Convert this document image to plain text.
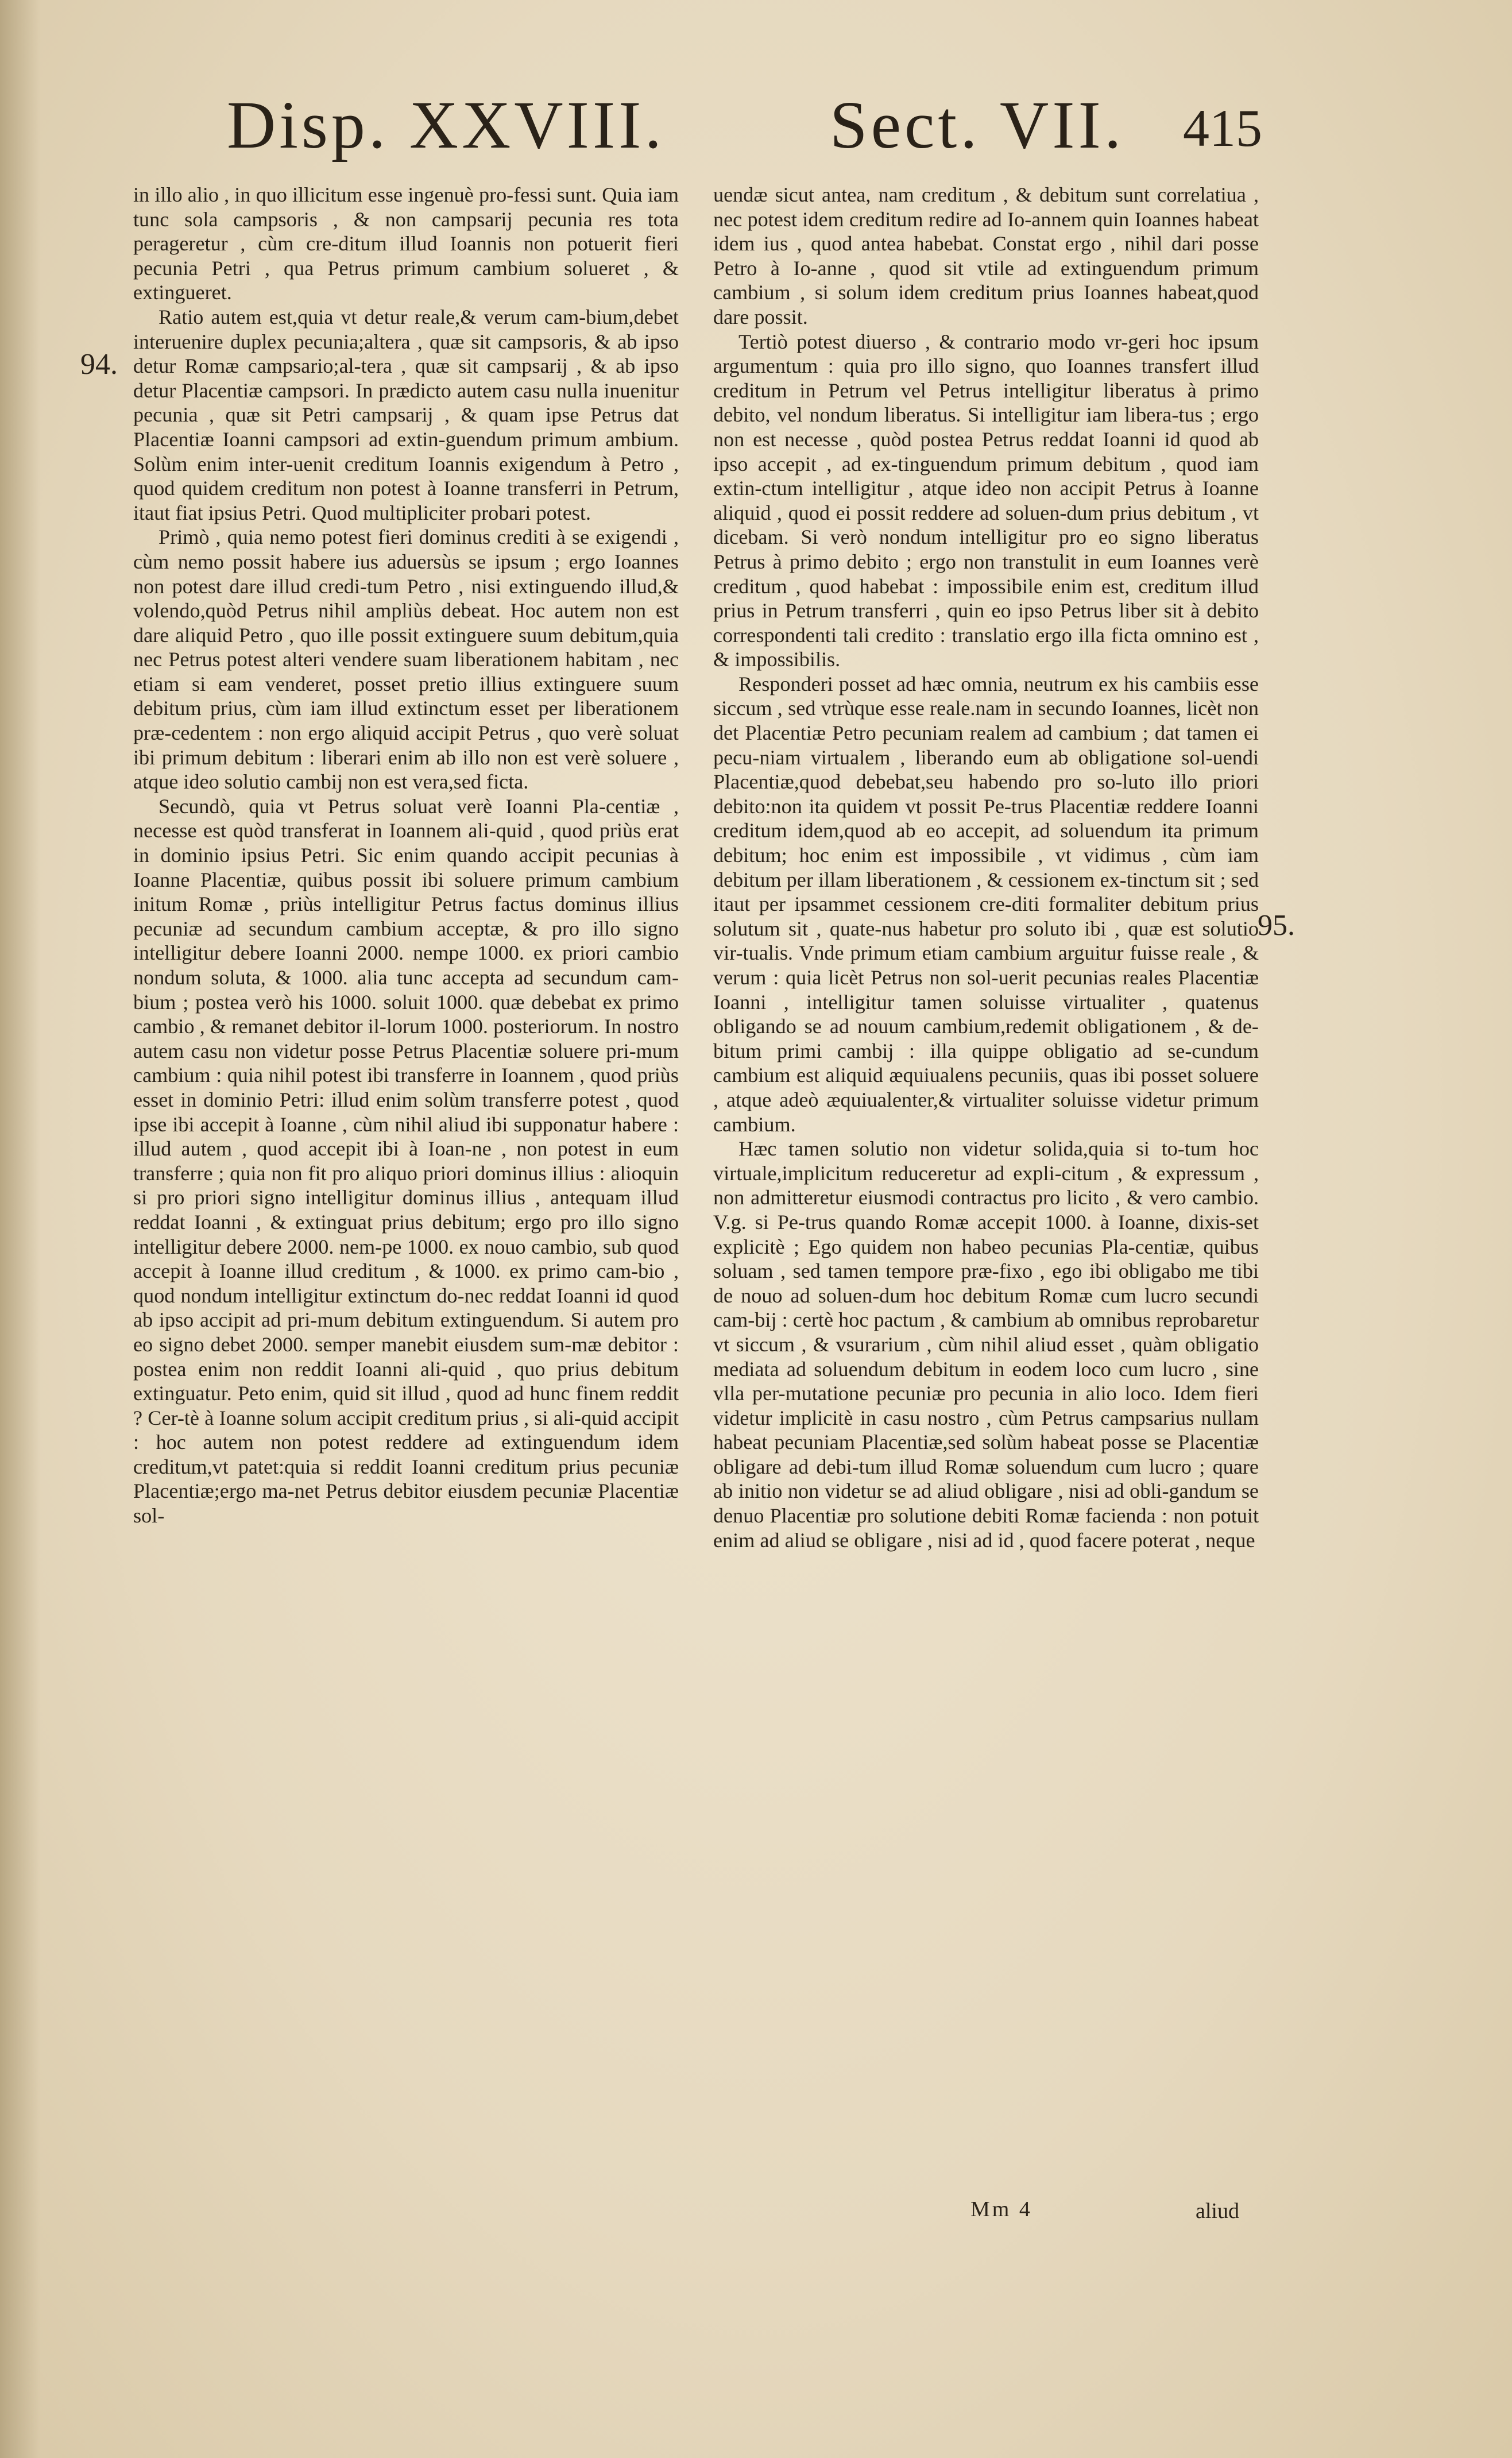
Disp. XXVIII. Sect. VII. 415
94.
95.

in illo alio , in quo illicitum esse ingenuè pro-fessi sunt. Quia iam tunc sola campsoris , & non campsarij pecunia res tota perageretur , cùm cre-ditum illud Ioannis non potuerit fieri pecunia Petri , qua Petrus primum cambium solueret , & extingueret.

Ratio autem est,quia vt detur reale,& verum cam-bium,debet interuenire duplex pecunia;altera , quæ sit campsoris, & ab ipso detur Romæ campsario;al-tera , quæ sit campsarij , & ab ipso detur Placentiæ campsori. In prædicto autem casu nulla inuenitur pecunia , quæ sit Petri campsarij , & quam ipse Petrus dat Placentiæ Ioanni campsori ad extin-guendum primum ambium. Solùm enim inter-uenit creditum Ioannis exigendum à Petro , quod quidem creditum non potest à Ioanne transferri in Petrum, itaut fiat ipsius Petri. Quod multipliciter probari potest.

Primò , quia nemo potest fieri dominus crediti à se exigendi , cùm nemo possit habere ius aduersùs se ipsum ; ergo Ioannes non potest dare illud credi-tum Petro , nisi extinguendo illud,& volendo,quòd Petrus nihil ampliùs debeat. Hoc autem non est dare aliquid Petro , quo ille possit extinguere suum debitum,quia nec Petrus potest alteri vendere suam liberationem habitam , nec etiam si eam venderet, posset pretio illius extinguere suum debitum prius, cùm iam illud extinctum esset per liberationem præ-cedentem : non ergo aliquid accipit Petrus , quo verè soluat ibi primum debitum : liberari enim ab illo non est verè soluere , atque ideo solutio cambij non est vera,sed ficta.

Secundò, quia vt Petrus soluat verè Ioanni Pla-centiæ , necesse est quòd transferat in Ioannem ali-quid , quod priùs erat in dominio ipsius Petri. Sic enim quando accipit pecunias à Ioanne Placentiæ, quibus possit ibi soluere primum cambium initum Romæ , priùs intelligitur Petrus factus dominus illius pecuniæ ad secundum cambium acceptæ, & pro illo signo intelligitur debere Ioanni 2000. nempe 1000. ex priori cambio nondum soluta, & 1000. alia tunc accepta ad secundum cam-bium ; postea verò his 1000. soluit 1000. quæ debebat ex primo cambio , & remanet debitor il-lorum 1000. posteriorum. In nostro autem casu non videtur posse Petrus Placentiæ soluere pri-mum cambium : quia nihil potest ibi transferre in Ioannem , quod priùs esset in dominio Petri: illud enim solùm transferre potest , quod ipse ibi accepit à Ioanne , cùm nihil aliud ibi supponatur habere : illud autem , quod accepit ibi à Ioan-ne , non potest in eum transferre ; quia non fit pro aliquo priori dominus illius : alioquin si pro priori signo intelligitur dominus illius , antequam illud reddat Ioanni , & extinguat prius debitum; ergo pro illo signo intelligitur debere 2000. nem-pe 1000. ex nouo cambio, sub quod accepit à Ioanne illud creditum , & 1000. ex primo cam-bio , quod nondum intelligitur extinctum do-nec reddat Ioanni id quod ab ipso accipit ad pri-mum debitum extinguendum. Si autem pro eo signo debet 2000. semper manebit eiusdem sum-mæ debitor : postea enim non reddit Ioanni ali-quid , quo prius debitum extinguatur. Peto enim, quid sit illud , quod ad hunc finem reddit ? Cer-tè à Ioanne solum accipit creditum prius , si ali-quid accipit : hoc autem non potest reddere ad extinguendum idem creditum,vt patet:quia si reddit Ioanni creditum prius pecuniæ Placentiæ;ergo ma-net Petrus debitor eiusdem pecuniæ Placentiæ sol-

uendæ sicut antea, nam creditum , & debitum sunt correlatiua , nec potest idem creditum redire ad Io-annem quin Ioannes habeat idem ius , quod antea habebat. Constat ergo , nihil dari posse Petro à Io-anne , quod sit vtile ad extinguendum primum cambium , si solum idem creditum prius Ioannes habeat,quod dare possit.

Tertiò potest diuerso , & contrario modo vr-geri hoc ipsum argumentum : quia pro illo signo, quo Ioannes transfert illud creditum in Petrum vel Petrus intelligitur liberatus à primo debito, vel nondum liberatus. Si intelligitur iam libera-tus ; ergo non est necesse , quòd postea Petrus reddat Ioanni id quod ab ipso accepit , ad ex-tinguendum primum debitum , quod iam extin-ctum intelligitur , atque ideo non accipit Petrus à Ioanne aliquid , quod ei possit reddere ad soluen-dum prius debitum , vt dicebam. Si verò nondum intelligitur pro eo signo liberatus Petrus à primo debito ; ergo non transtulit in eum Ioannes verè creditum , quod habebat : impossibile enim est, creditum illud prius in Petrum transferri , quin eo ipso Petrus liber sit à debito correspondenti tali credito : translatio ergo illa ficta omnino est , & impossibilis.

Responderi posset ad hæc omnia, neutrum ex his cambiis esse siccum , sed vtrùque esse reale.nam in secundo Ioannes, licèt non det Placentiæ Petro pecuniam realem ad cambium ; dat tamen ei pecu-niam virtualem , liberando eum ab obligatione sol-uendi Placentiæ,quod debebat,seu habendo pro so-luto illo priori debito:non ita quidem vt possit Pe-trus Placentiæ reddere Ioanni creditum idem,quod ab eo accepit, ad soluendum ita primum debitum; hoc enim est impossibile , vt vidimus , cùm iam debitum per illam liberationem , & cessionem ex-tinctum sit ; sed itaut per ipsammet cessionem cre-diti formaliter debitum prius solutum sit , quate-nus habetur pro soluto ibi , quæ est solutio vir-tualis. Vnde primum etiam cambium arguitur fuisse reale , & verum : quia licèt Petrus non sol-uerit pecunias reales Placentiæ Ioanni , intelligitur tamen soluisse virtualiter , quatenus obligando se ad nouum cambium,redemit obligationem , & de-bitum primi cambij : illa quippe obligatio ad se-cundum cambium est aliquid æquiualens pecuniis, quas ibi posset soluere , atque adeò æquiualenter,& virtualiter soluisse videtur primum cambium.

Hæc tamen solutio non videtur solida,quia si to-tum hoc virtuale,implicitum reduceretur ad expli-citum , & expressum , non admitteretur eiusmodi contractus pro licito , & vero cambio. V.g. si Pe-trus quando Romæ accepit 1000. à Ioanne, dixis-set explicitè ; Ego quidem non habeo pecunias Pla-centiæ, quibus soluam , sed tamen tempore præ-fixo , ego ibi obligabo me tibi de nouo ad soluen-dum hoc debitum Romæ cum lucro secundi cam-bij : certè hoc pactum , & cambium ab omnibus reprobaretur vt siccum , & vsurarium , cùm nihil aliud esset , quàm obligatio mediata ad soluendum debitum in eodem loco cum lucro , sine vlla per-mutatione pecuniæ pro pecunia in alio loco. Idem fieri videtur implicitè in casu nostro , cùm Petrus campsarius nullam habeat pecuniam Placentiæ,sed solùm habeat posse se Placentiæ obligare ad debi-tum illud Romæ soluendum cum lucro ; quare ab initio non videtur se ad aliud obligare , nisi ad obli-gandum se denuo Placentiæ pro solutione debiti Romæ facienda : non potuit enim ad aliud se obligare , nisi ad id , quod facere poterat , neque

Mm 4	aliud
